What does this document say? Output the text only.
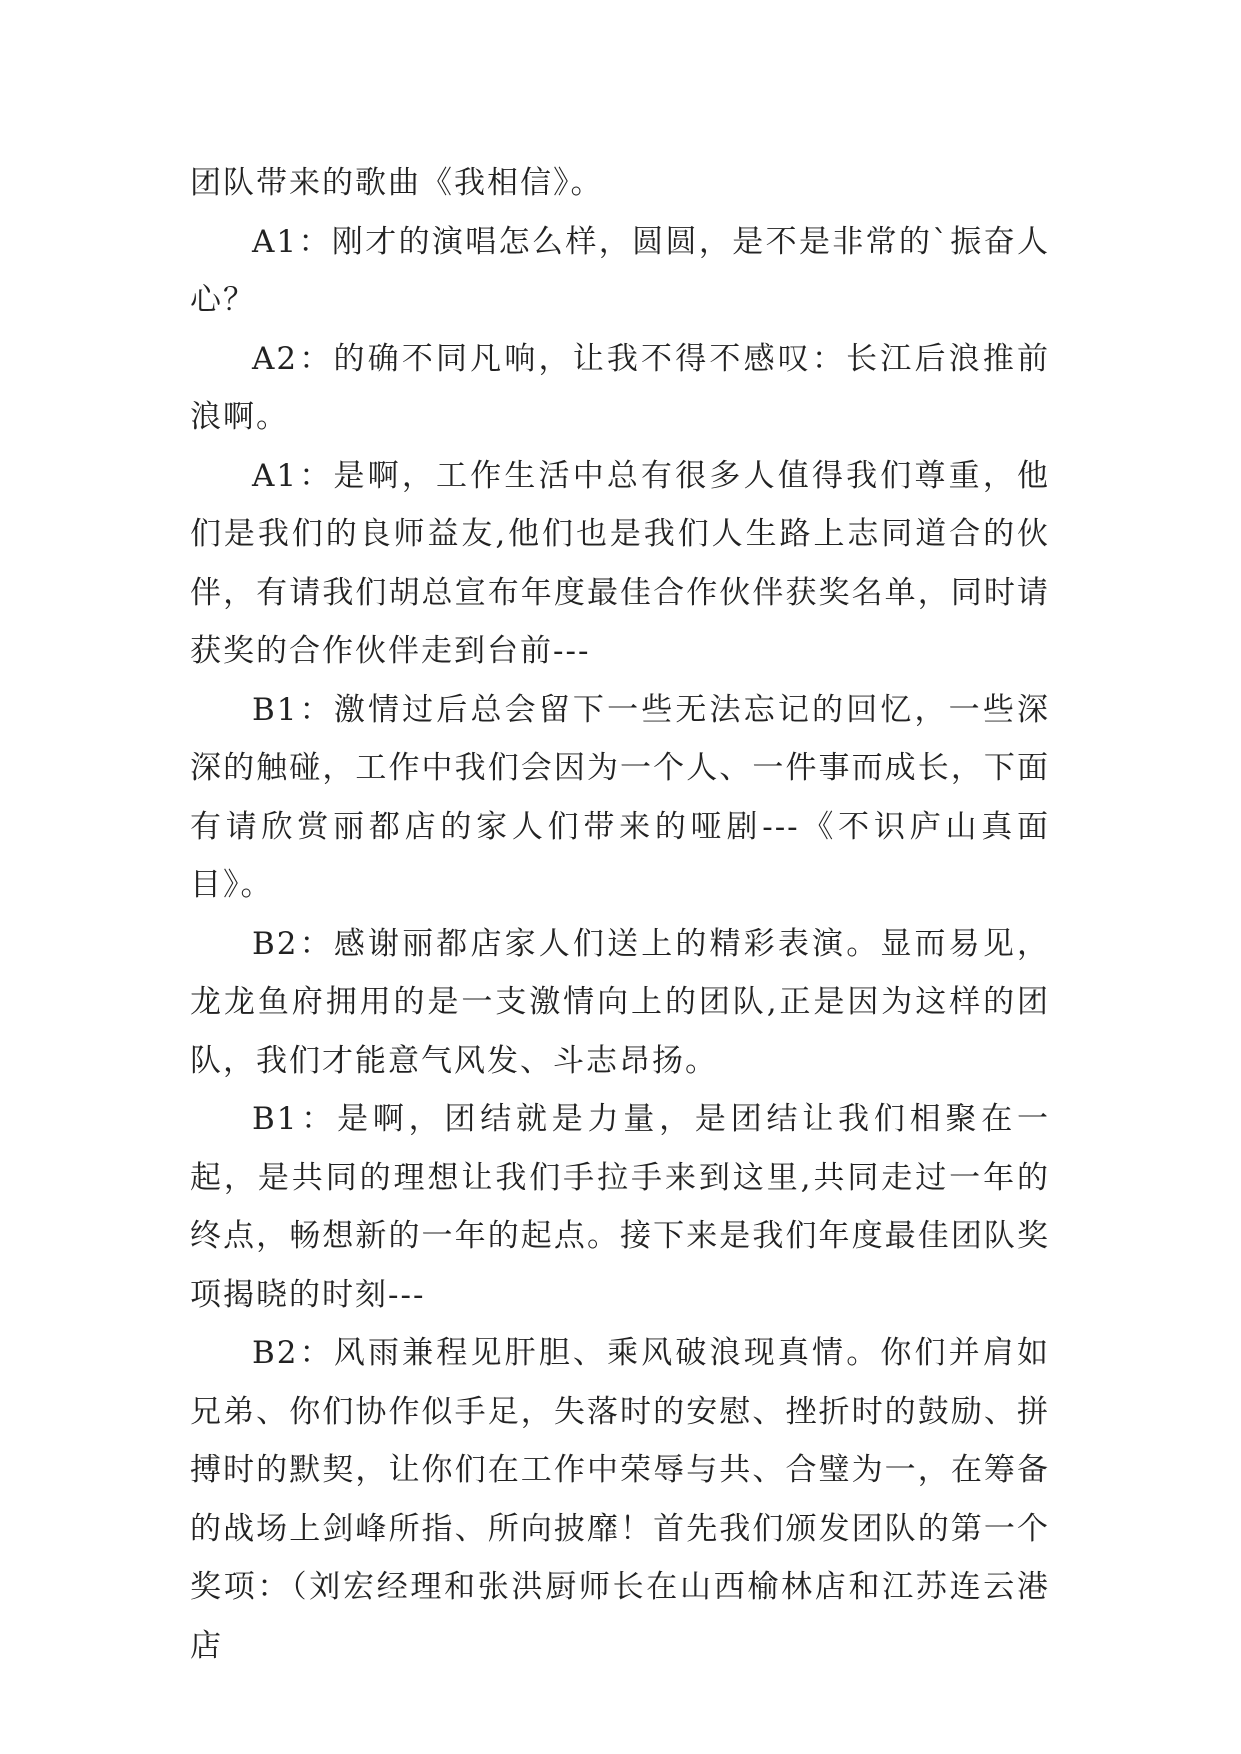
团队带来的歌曲《我相信》。

A1：刚才的演唱怎么样，圆圆，是不是非常的`振奋人心？

A2：的确不同凡响，让我不得不感叹：长江后浪推前浪啊。

A1：是啊，工作生活中总有很多人值得我们尊重，他们是我们的良师益友,他们也是我们人生路上志同道合的伙伴，有请我们胡总宣布年度最佳合作伙伴获奖名单，同时请获奖的合作伙伴走到台前---

B1：激情过后总会留下一些无法忘记的回忆，一些深深的触碰，工作中我们会因为一个人、一件事而成长，下面有请欣赏丽都店的家人们带来的哑剧---《不识庐山真面目》。

B2：感谢丽都店家人们送上的精彩表演。显而易见，龙龙鱼府拥用的是一支激情向上的团队,正是因为这样的团队，我们才能意气风发、斗志昂扬。

B1：是啊，团结就是力量，是团结让我们相聚在一起，是共同的理想让我们手拉手来到这里,共同走过一年的终点，畅想新的一年的起点。接下来是我们年度最佳团队奖项揭晓的时刻---

B2：风雨兼程见肝胆、乘风破浪现真情。你们并肩如兄弟、你们协作似手足，失落时的安慰、挫折时的鼓励、拼搏时的默契，让你们在工作中荣辱与共、合璧为一，在筹备的战场上剑峰所指、所向披靡！首先我们颁发团队的第一个奖项：（刘宏经理和张洪厨师长在山西榆林店和江苏连云港店
